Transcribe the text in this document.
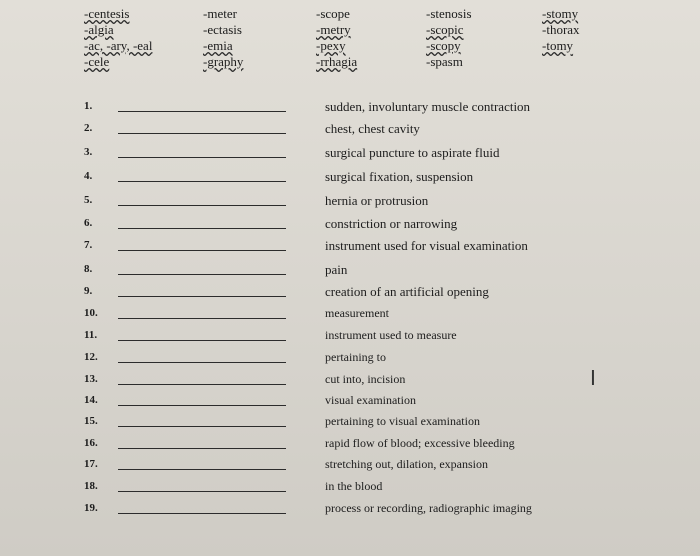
-centesis
-algia
-ac, -ary, -eal
-cele
-meter
-ectasis
-emia
-graphy
-scope
-metry
-pexy
-rrhagia
-stenosis
-scopic
-scopy
-spasm
-stomy
-thorax
-tomy
1.	sudden, involuntary muscle contraction
2.	chest, chest cavity
3.	surgical puncture to aspirate fluid
4.	surgical fixation, suspension
5.	hernia or protrusion
6.	constriction or narrowing
7.	instrument used for visual examination
8.	pain
9.	creation of an artificial opening
10.	measurement
11.	instrument used to measure
12.	pertaining to
13.	cut into, incision
14.	visual examination
15.	pertaining to visual examination
16.	rapid flow of blood; excessive bleeding
17.	stretching out, dilation, expansion
18.	in the blood
19.	process or recording, radiographic imaging
I
